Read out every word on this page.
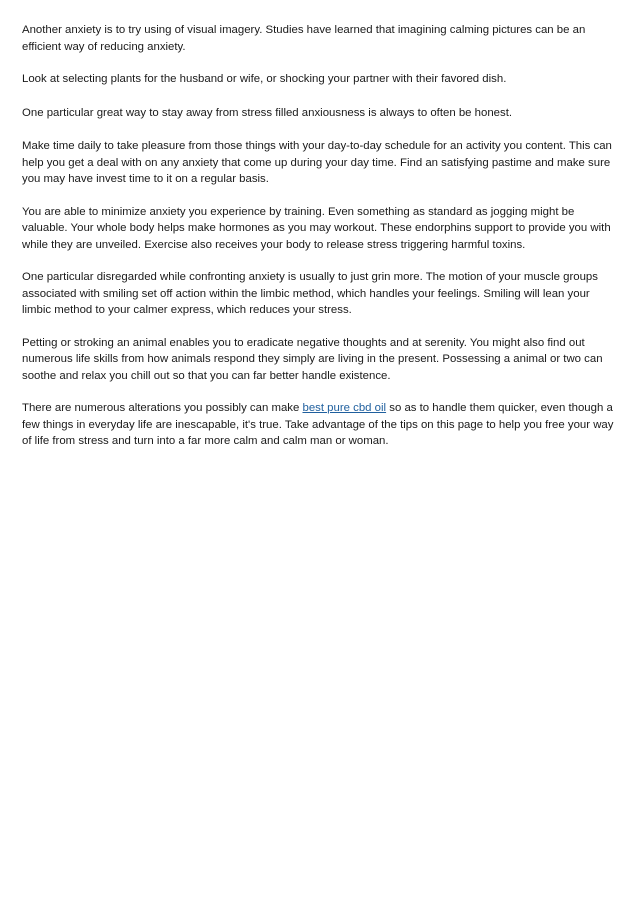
Another anxiety is to try using of visual imagery. Studies have learned that imagining calming pictures can be an efficient way of reducing anxiety.

Look at selecting plants for the husband or wife, or shocking your partner with their favored dish.

One particular great way to stay away from stress filled anxiousness is always to often be honest.

Make time daily to take pleasure from those things with your day-to-day schedule for an activity you content. This can help you get a deal with on any anxiety that come up during your day time. Find an satisfying pastime and make sure you may have invest time to it on a regular basis.

You are able to minimize anxiety you experience by training. Even something as standard as jogging might be valuable. Your whole body helps make hormones as you may workout. These endorphins support to provide you with while they are unveiled. Exercise also receives your body to release stress triggering harmful toxins.

One particular disregarded while confronting anxiety is usually to just grin more. The motion of your muscle groups associated with smiling set off action within the limbic method, which handles your feelings. Smiling will lean your limbic method to your calmer express, which reduces your stress.

Petting or stroking an animal enables you to eradicate negative thoughts and at serenity. You might also find out numerous life skills from how animals respond they simply are living in the present. Possessing a animal or two can soothe and relax you chill out so that you can far better handle existence.

There are numerous alterations you possibly can make best pure cbd oil so as to handle them quicker, even though a few things in everyday life are inescapable, it's true. Take advantage of the tips on this page to help you free your way of life from stress and turn into a far more calm and calm man or woman.
